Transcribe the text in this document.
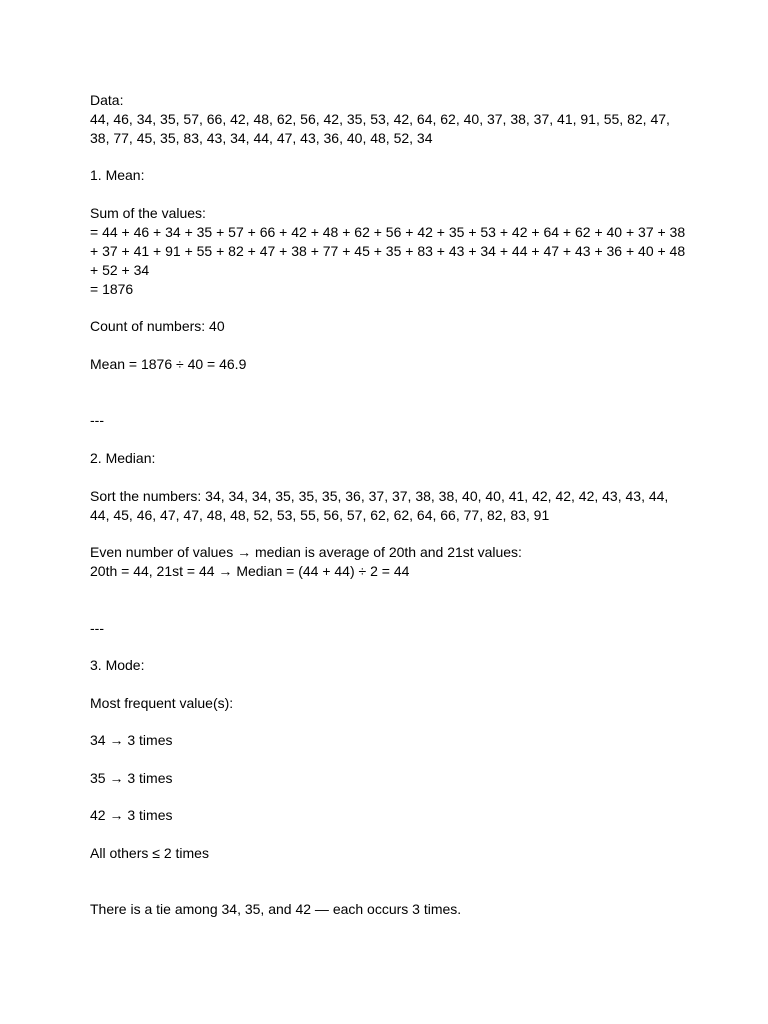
Data:
44, 46, 34, 35, 57, 66, 42, 48, 62, 56, 42, 35, 53, 42, 64, 62, 40, 37, 38, 37, 41, 91, 55, 82, 47,
38, 77, 45, 35, 83, 43, 34, 44, 47, 43, 36, 40, 48, 52, 34
1. Mean:
Sum of the values:
= 44 + 46 + 34 + 35 + 57 + 66 + 42 + 48 + 62 + 56 + 42 + 35 + 53 + 42 + 64 + 62 + 40 + 37 + 38
+ 37 + 41 + 91 + 55 + 82 + 47 + 38 + 77 + 45 + 35 + 83 + 43 + 34 + 44 + 47 + 43 + 36 + 40 + 48
+ 52 + 34
= 1876
Count of numbers: 40
Mean = 1876 ÷ 40 = 46.9
---
2. Median:
Sort the numbers: 34, 34, 34, 35, 35, 35, 36, 37, 37, 38, 38, 40, 40, 41, 42, 42, 42, 43, 43, 44,
44, 45, 46, 47, 47, 48, 48, 52, 53, 55, 56, 57, 62, 62, 64, 66, 77, 82, 83, 91
Even number of values → median is average of 20th and 21st values:
20th = 44, 21st = 44 → Median = (44 + 44) ÷ 2 = 44
---
3. Mode:
Most frequent value(s):
34 → 3 times
35 → 3 times
42 → 3 times
All others ≤ 2 times
There is a tie among 34, 35, and 42 — each occurs 3 times.
